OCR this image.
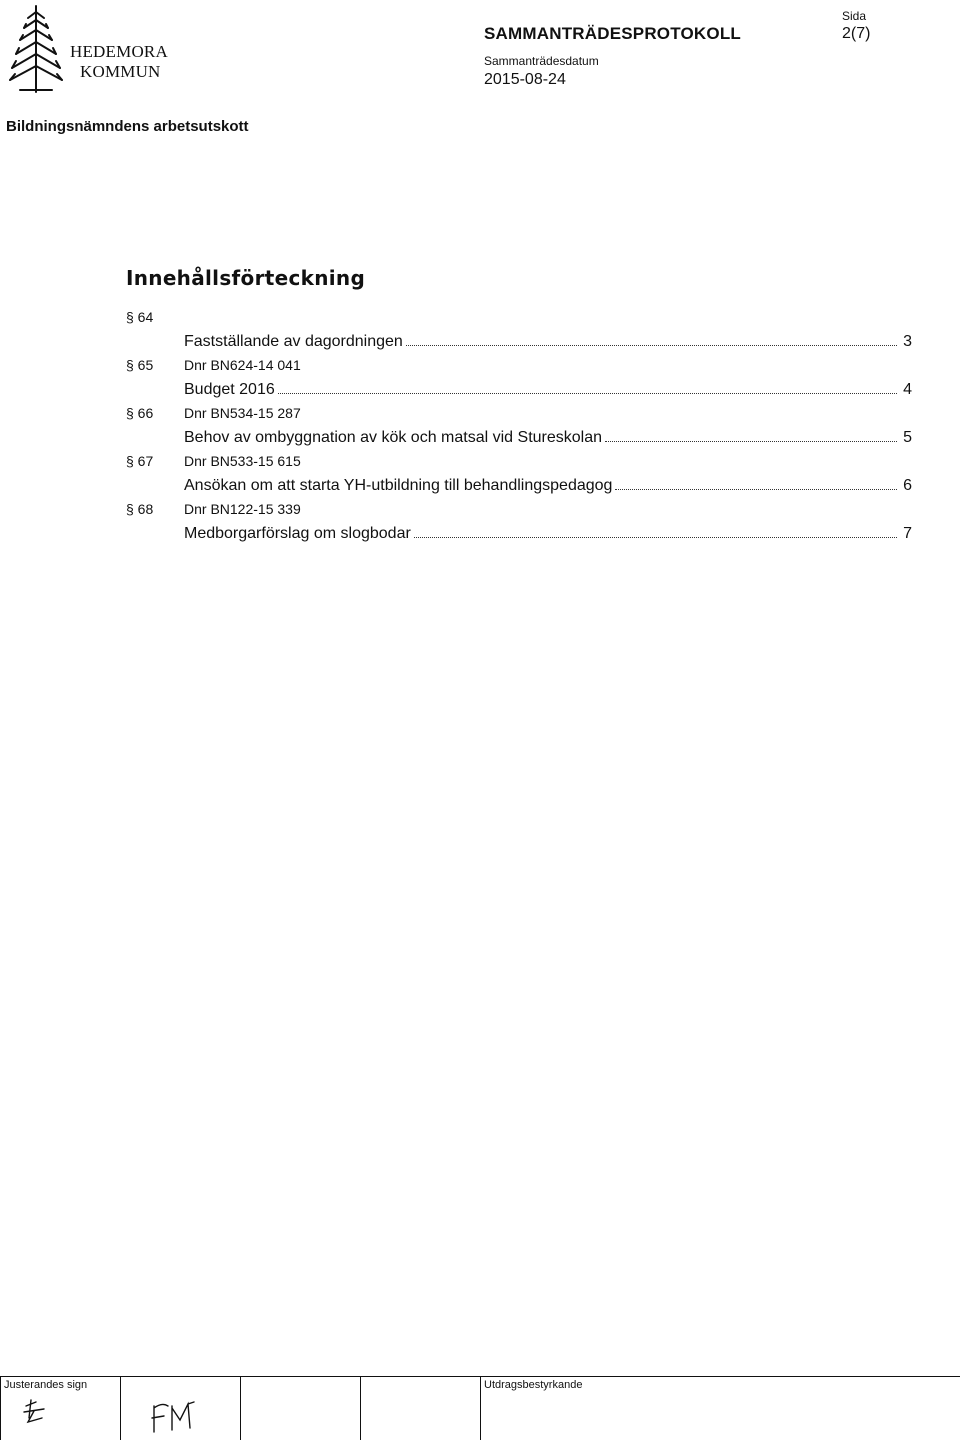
HEDEMORA
KOMMUN
SAMMANTRÄDESPROTOKOLL
Sammanträdesdatum
2015-08-24
Sida
2(7)
Bildningsnämndens arbetsutskott
Innehållsförteckning
§ 64
Fastställande av dagordningen	3
§ 65 Dnr BN624-14 041
Budget 2016	4
§ 66 Dnr BN534-15 287
Behov av ombyggnation av kök och matsal vid Stureskolan	5
§ 67 Dnr BN533-15 615
Ansökan om att starta YH-utbildning till behandlingspedagog	6
§ 68 Dnr BN122-15 339
Medborgarförslag om slogbodar	7
Justerandes sign	Utdragsbestyrkande
